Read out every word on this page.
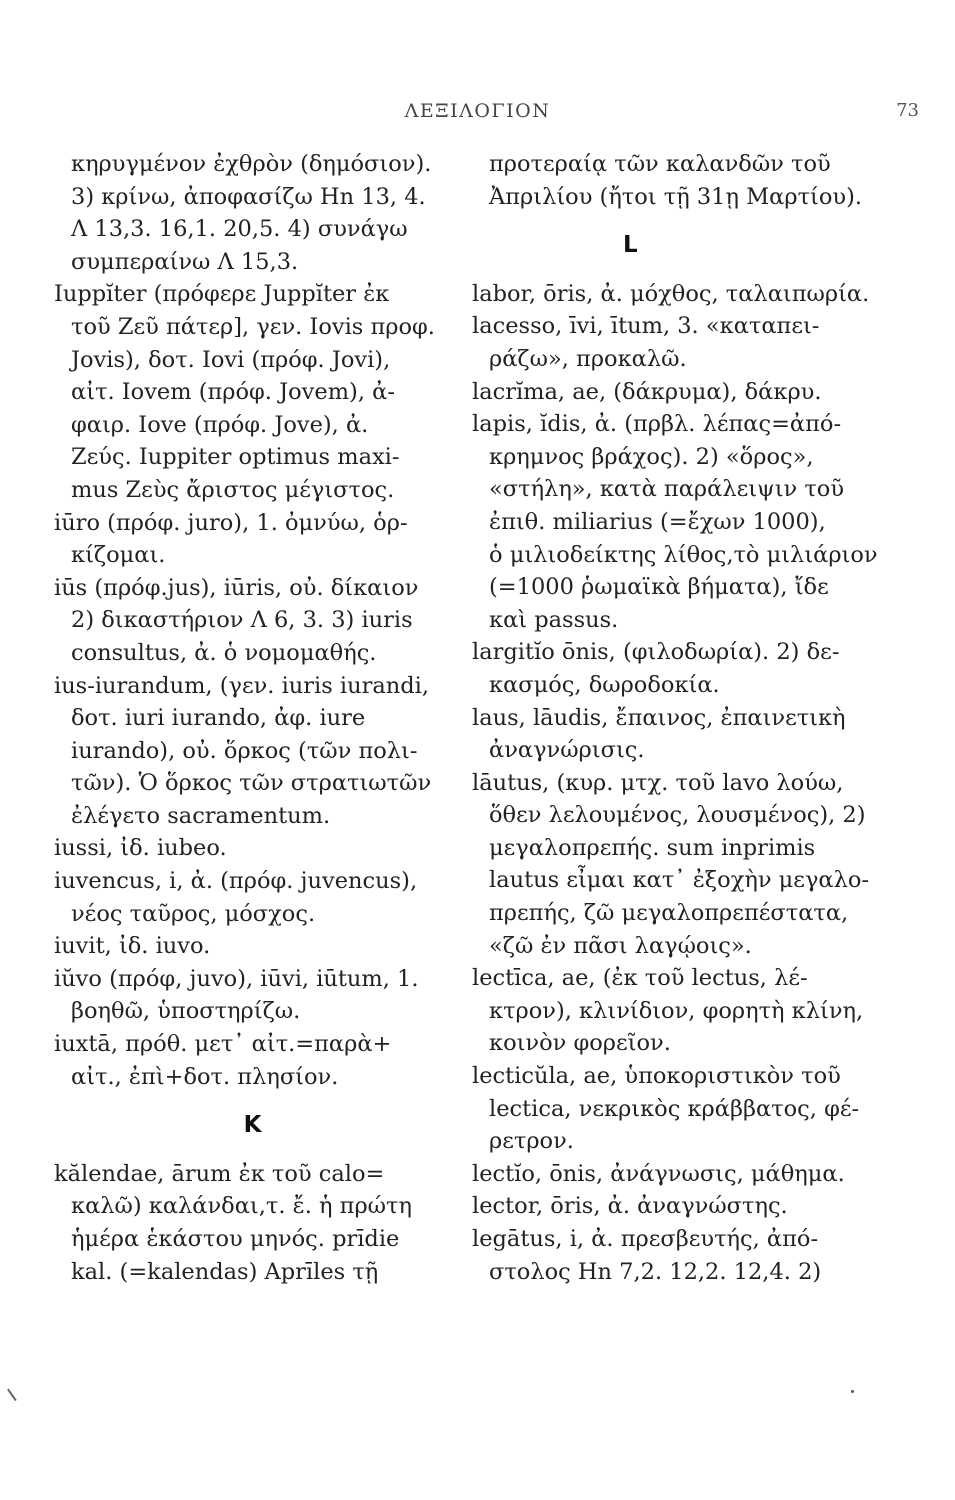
ΛΕΞΙΛΟΓΙΟΝ	73
κηρυγμένον ἐχθρὸν (δημόσιον).
3) κρίνω, ἀποφασίζω Ηn 13, 4.
Λ 13,3. 16,1. 20,5. 4) συνάγω
συμπεραίνω Λ 15,3.
Iuppĭter (πρόφερε Juppĭter ἐκ
τοῦ Ζεῦ πάτερ], γεν. Iovis προφ.
Jovis), δοτ. Iovi (πρόφ. Jovi),
αἰτ. Iovem (πρόφ. Jovem), ἀ-
φαιρ. Iove (πρόφ. Jove), ἀ.
Ζεύς. Iuppiter optimus maxi-
mus Ζεὺς ἄριστος μέγιστος.
iūro (πρόφ. juro), 1. ὀμνύω, ὁρ-
κίζομαι.
iūs (πρόφ.jus), iūris, οὐ. δίκαιον
2) δικαστήριον Λ 6, 3. 3) iuris
consultus, ἀ. ὁ νομομαθής.
ius-iurandum, (γεν. iuris iurandi,
δοτ. iuri iurando, ἀφ. iure
iurando), οὐ. ὅρκος (τῶν πολι-
τῶν). Ὁ ὅρκος τῶν στρατιωτῶν
ἐλέγετο sacramentum.
iussi, ἰδ. iubeo.
iuvencus, i, ἀ. (πρόφ. juvencus),
νέος ταῦρος, μόσχος.
iuvit, ἰδ. iuvo.
iŭvo (πρόφ, juvo), iūvi, iūtum, 1.
βοηθῶ, ὑποστηρίζω.
iuxtā, πρόθ. μετ᾽ αἰτ.=παρὰ+
αἰτ., ἐπὶ+δοτ. πλησίον.
K
kălendae, ārum ἐκ τοῦ calo=
καλῶ) καλάνδαι,τ. ἔ. ἡ πρώτη
ἡμέρα ἑκάστου μηνός. prīdie
kal. (=kalendas) Aprīles τῇ
προτεραίᾳ τῶν καλανδῶν τοῦ
Ἀπριλίου (ἤτοι τῇ 31ῃ Μαρτίου).
L
labor, ōris, ἀ. μόχθος, ταλαιπωρία.
lacesso, īvi, ītum, 3. «καταπει-
ράζω», προκαλῶ.
lacrĭma, ae, (δάκρυμα), δάκρυ.
lapis, ĭdis, ἀ. (πρβλ. λέπας=ἀπό-
κρημνος βράχος). 2) «ὅρος»,
«στήλη», κατὰ παράλειψιν τοῦ
ἐπιθ. miliarius (=ἔχων 1000),
ὁ μιλιοδείκτης λίθος,τὸ μιλιάριον
(=1000 ῥωμαϊκὰ βήματα), ἴδε
καὶ passus.
largitĭo ōnis, (φιλοδωρία). 2) δε-
κασμός, δωροδοκία.
laus, lāudis, ἔπαινος, ἐπαινετικὴ
ἀναγνώρισις.
lāutus, (κυρ. μτχ. τοῦ lavo λούω,
ὅθεν λελουμένος, λουσμένος), 2)
μεγαλοπρεπής. sum inprimis
lautus εἶμαι κατ᾽ ἐξοχὴν μεγαλο-
πρεπής, ζῶ μεγαλοπρεπέστατα,
«ζῶ ἐν πᾶσι λαγῴοις».
lectīca, ae, (ἐκ τοῦ lectus, λέ-
κτρον), κλινίδιον, φορητὴ κλίνη,
κοινὸν φορεῖον.
lecticŭla, ae, ὑποκοριστικὸν τοῦ
lectica, νεκρικὸς κράββατος, φέ-
ρετρον.
lectĭo, ōnis, ἀνάγνωσις, μάθημα.
lector, ōris, ἀ. ἀναγνώστης.
legātus, i, ἀ. πρεσβευτής, ἀπό-
στολος Ηn 7,2. 12,2. 12,4. 2)
